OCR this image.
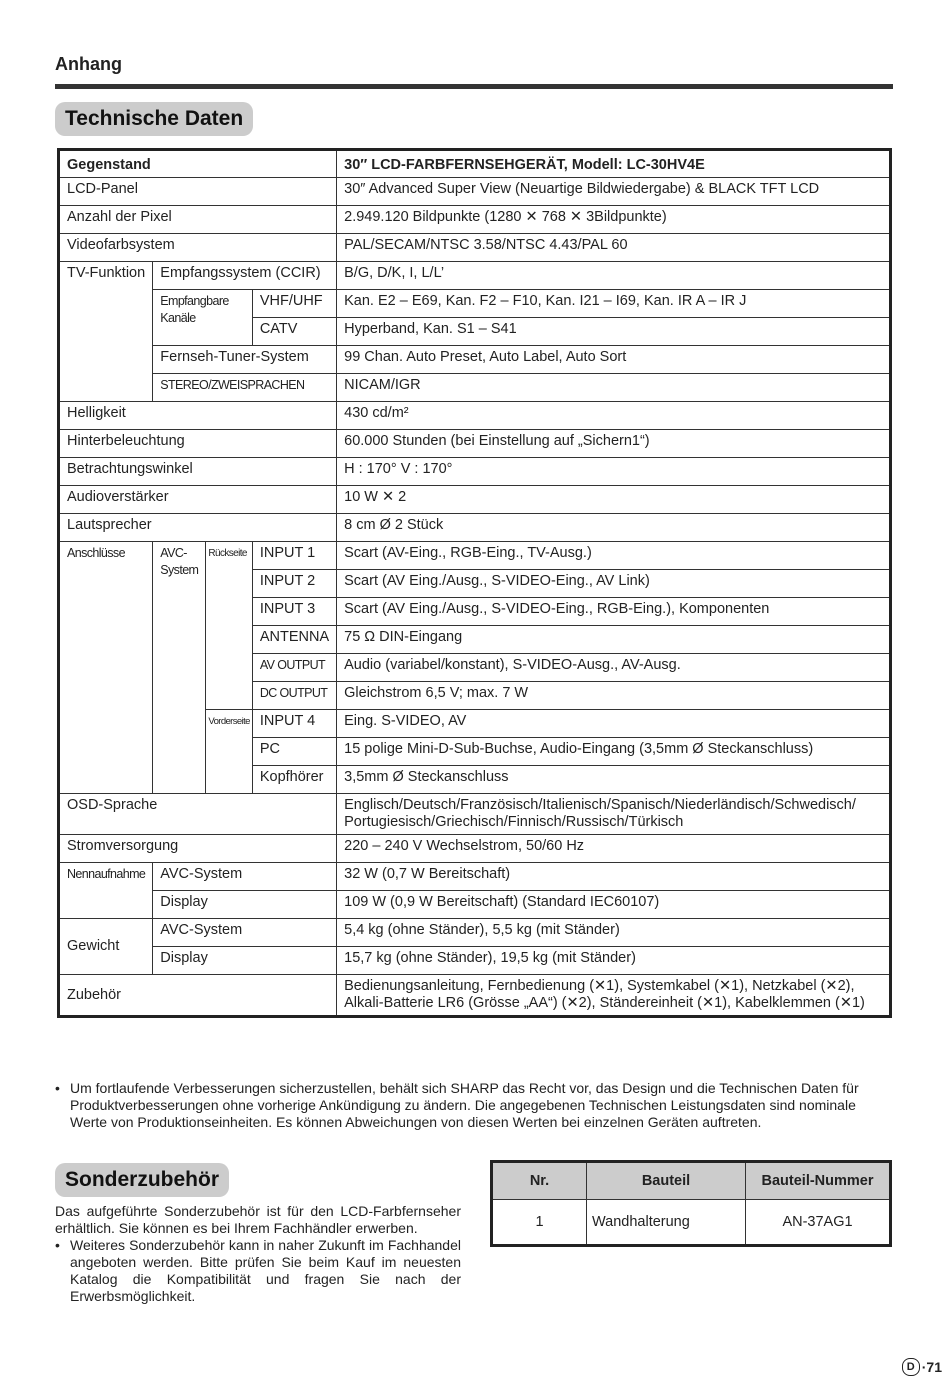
Anhang
Technische Daten
Gegenstand				30″ LCD-FARBFERNSEHGERÄT, Modell: LC-30HV4E
LCD-Panel				30″ Advanced Super View (Neuartige Bildwiedergabe) & BLACK TFT LCD
Anzahl der Pixel				2.949.120 Bildpunkte (1280 ✕ 768 ✕ 3Bildpunkte)
Videofarbsystem				PAL/SECAM/NTSC 3.58/NTSC 4.43/PAL 60
TV-Funktion	Empfangssystem (CCIR)			B/G, D/K, I, L/L’
	Empfangbare Kanäle		VHF/UHF	Kan. E2 – E69, Kan. F2 – F10, Kan. I21 – I69, Kan. IR A – IR J
			CATV	Hyperband, Kan. S1 – S41
	Fernseh-Tuner-System			99 Chan. Auto Preset, Auto Label, Auto Sort
	STEREO/ZWEISPRACHEN			NICAM/IGR
Helligkeit				430 cd/m²
Hinterbeleuchtung				60.000 Stunden (bei Einstellung auf „Sichern1“)
Betrachtungswinkel				H : 170° V : 170°
Audioverstärker				10 W ✕ 2
Lautsprecher				8 cm Ø 2 Stück
Anschlüsse	AVC-System	Rückseite	INPUT 1	Scart (AV-Eing., RGB-Eing., TV-Ausg.)
			INPUT 2	Scart (AV Eing./Ausg., S-VIDEO-Eing., AV Link)
			INPUT 3	Scart (AV Eing./Ausg., S-VIDEO-Eing., RGB-Eing.), Komponenten
			ANTENNA	75 Ω DIN-Eingang
			AV OUTPUT	Audio (variabel/konstant), S-VIDEO-Ausg., AV-Ausg.
			DC OUTPUT	Gleichstrom 6,5 V; max. 7 W
		Vorderseite	INPUT 4	Eing. S-VIDEO, AV
			PC	15 polige Mini-D-Sub-Buchse, Audio-Eingang (3,5mm Ø Steckanschluss)
			Kopfhörer	3,5mm Ø Steckanschluss
OSD-Sprache				Englisch/Deutsch/Französisch/Italienisch/Spanisch/Niederländisch/Schwedisch/ Portugiesisch/Griechisch/Finnisch/Russisch/Türkisch
Stromversorgung				220 – 240 V Wechselstrom, 50/60 Hz
Nennaufnahme	AVC-System			32 W (0,7 W Bereitschaft)
	Display			109 W (0,9 W Bereitschaft) (Standard IEC60107)
Gewicht	AVC-System			5,4 kg (ohne Ständer), 5,5 kg (mit Ständer)
	Display			15,7 kg (ohne Ständer), 19,5 kg (mit Ständer)
Zubehör				Bedienungsanleitung, Fernbedienung (✕1), Systemkabel (✕1), Netzkabel (✕2), Alkali-Batterie LR6 (Grösse „AA“) (✕2), Ständereinheit (✕1), Kabelklemmen (✕1)
• Um fortlaufende Verbesserungen sicherzustellen, behält sich SHARP das Recht vor, das Design und die Technischen Daten für Produktverbesserungen ohne vorherige Ankündigung zu ändern. Die angegebenen Technischen Leistungsdaten sind nominale Werte von Produktionseinheiten. Es können Abweichungen von diesen Werten bei einzelnen Geräten auftreten.
Sonderzubehör

Das aufgeführte Sonderzubehör ist für den LCD-Farbfernseher erhältlich. Sie können es bei Ihrem Fachhändler erwerben.

• Weiteres Sonderzubehör kann in naher Zukunft im Fachhandel angeboten werden. Bitte prüfen Sie beim Kauf im neuesten Katalog die Kompatibilität und fragen Sie nach der Erwerbsmöglichkeit.
Nr.	Bauteil	Bauteil-Nummer
1	Wandhalterung	AN-37AG1
D · 71
